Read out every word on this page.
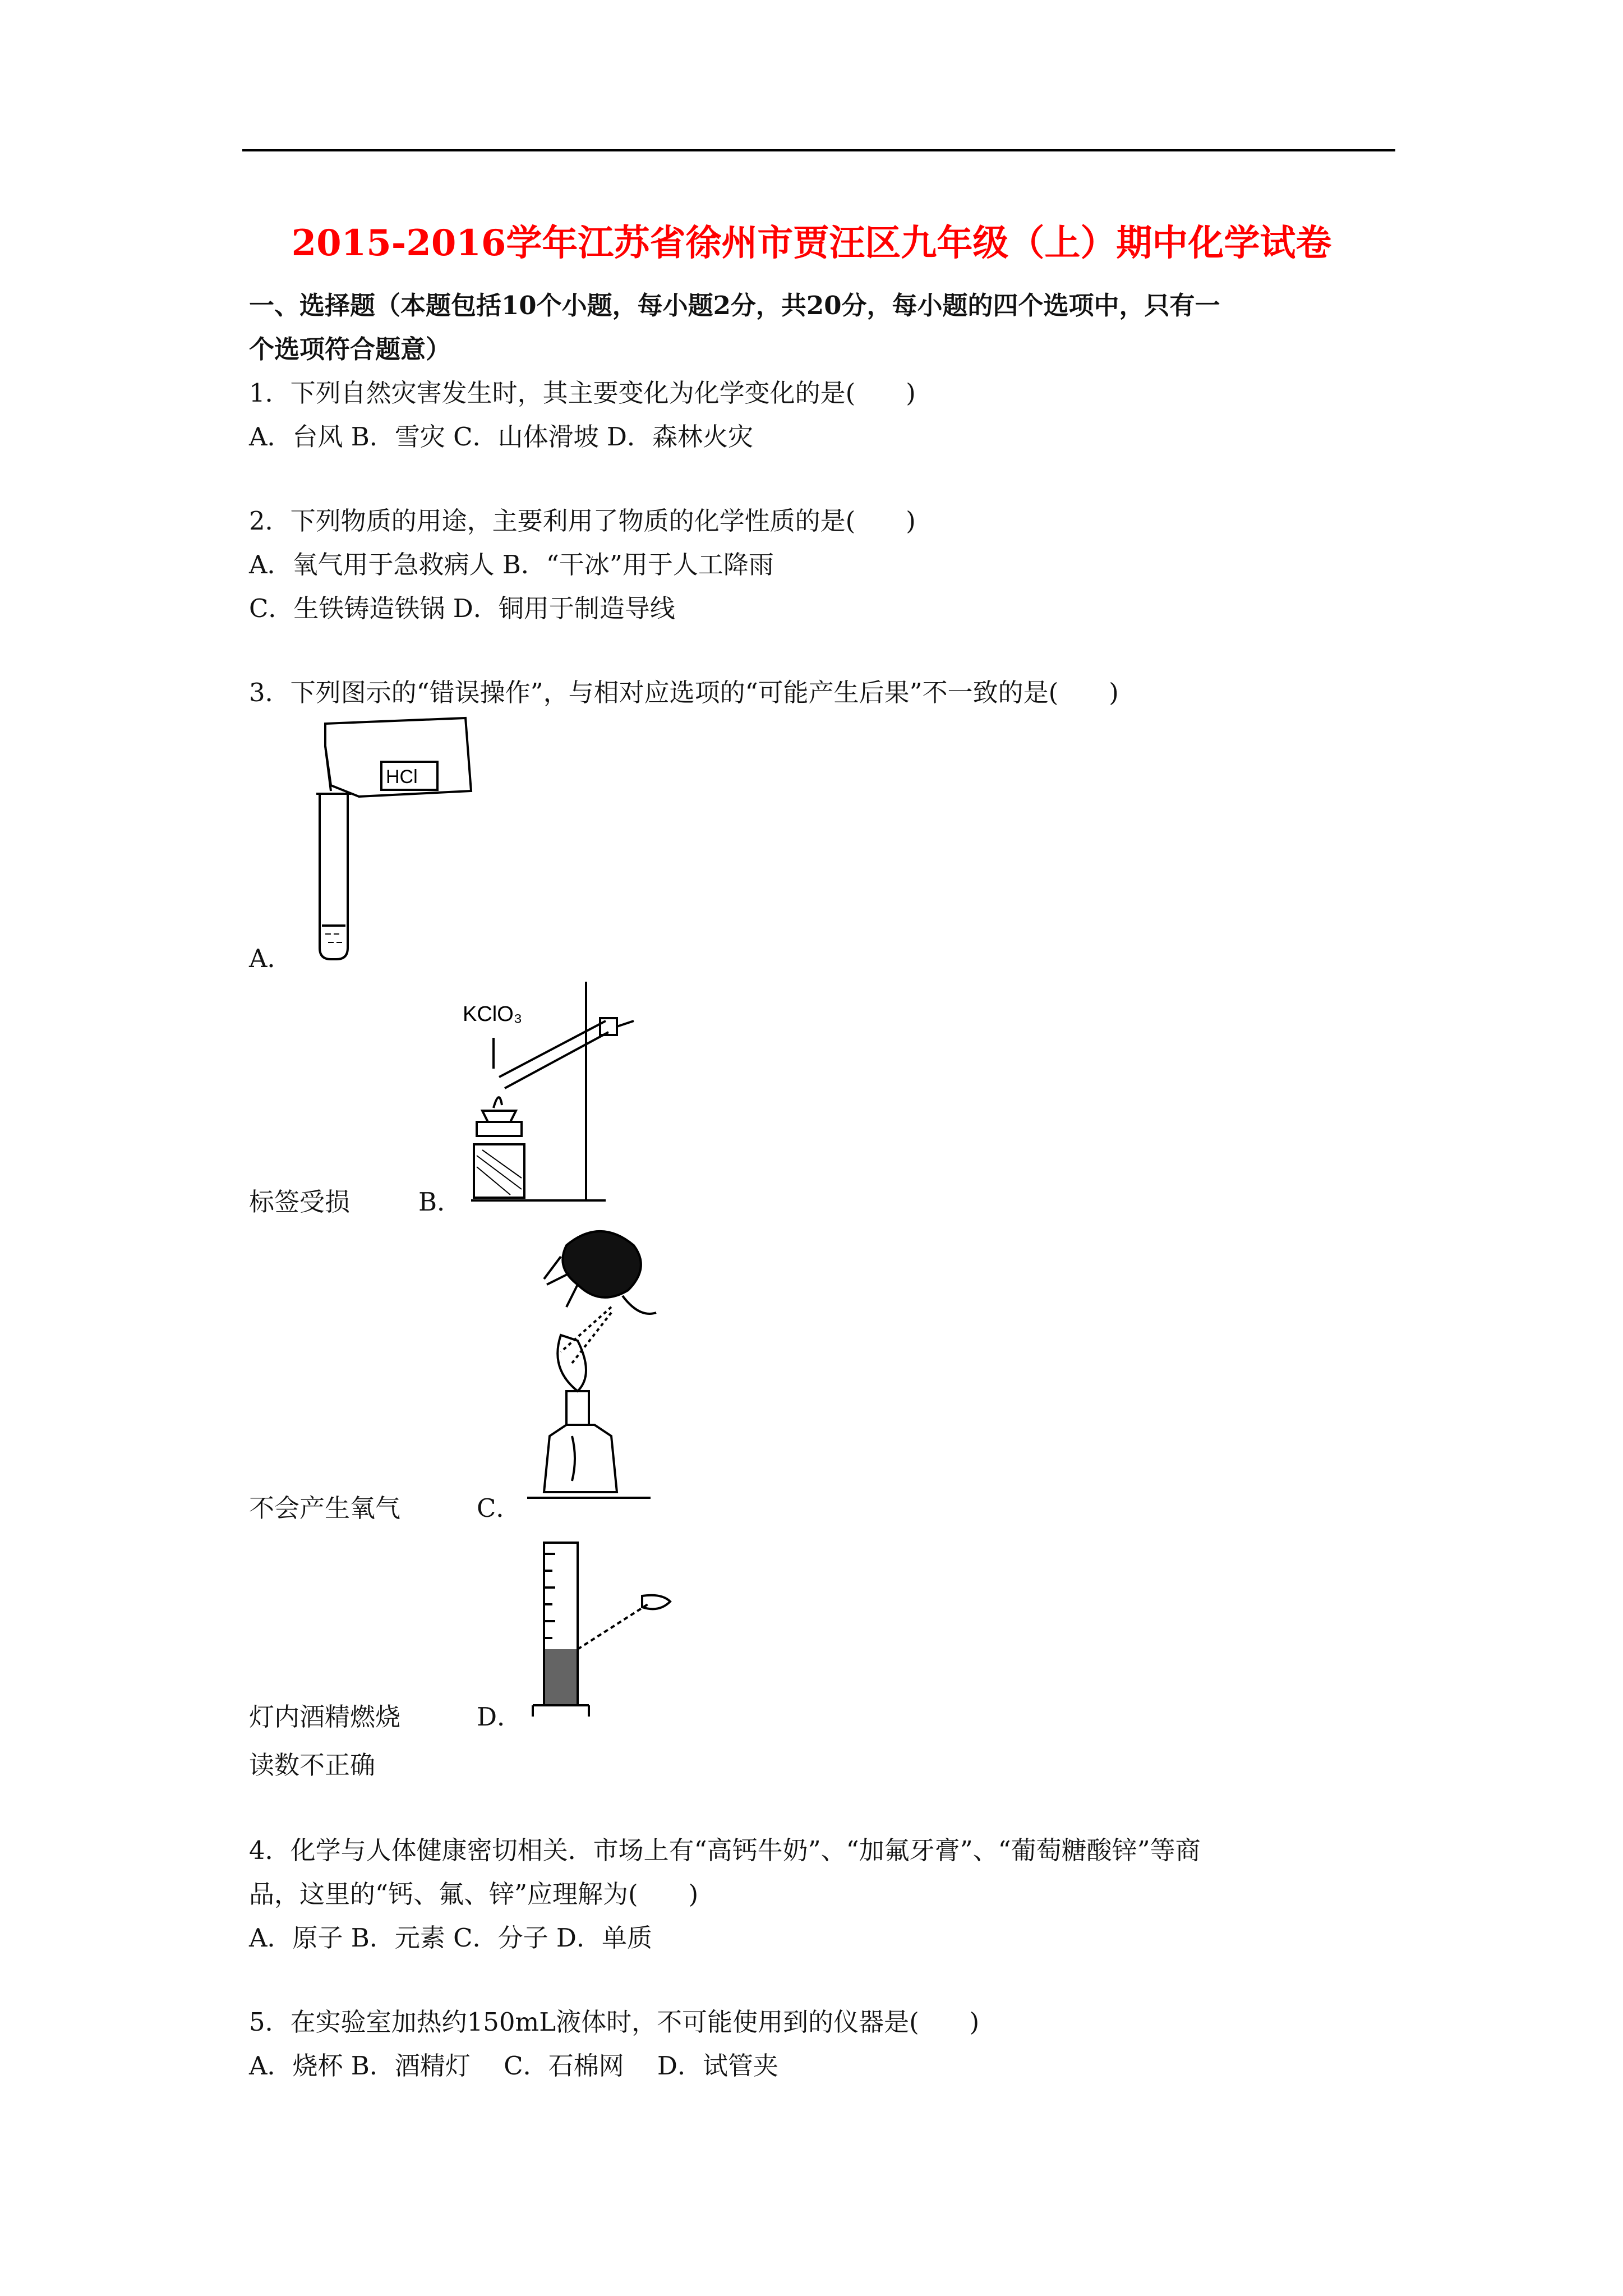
2015-2016学年江苏省徐州市贾汪区九年级（上）期中化学试卷
一、选择题（本题包括10个小题，每小题2分，共20分，每小题的四个选项中，只有一
个选项符合题意）
1．下列自然灾害发生时，其主要变化为化学变化的是(　　)
A．台风 B．雪灾 C．山体滑坡 D．森林火灾
2．下列物质的用途，主要利用了物质的化学性质的是(　　)
A．氧气用于急救病人 B．“干冰”用于人工降雨
C．生铁铸造铁锅 D．铜用于制造导线
3．下列图示的“错误操作”，与相对应选项的“可能产生后果”不一致的是(　　)
HCl
A．
KClO₃
标签受损	B．
不会产生氧气	C．
灯内酒精燃烧	D．
读数不正确
4．化学与人体健康密切相关．市场上有“高钙牛奶”、“加氟牙膏”、“葡萄糖酸锌”等商
品，这里的“钙、氟、锌”应理解为(　　)
A．原子 B．元素 C．分子 D．单质
5．在实验室加热约150mL液体时，不可能使用到的仪器是(　　)
A．烧杯 B．酒精灯　 C．石棉网　 D．试管夹
